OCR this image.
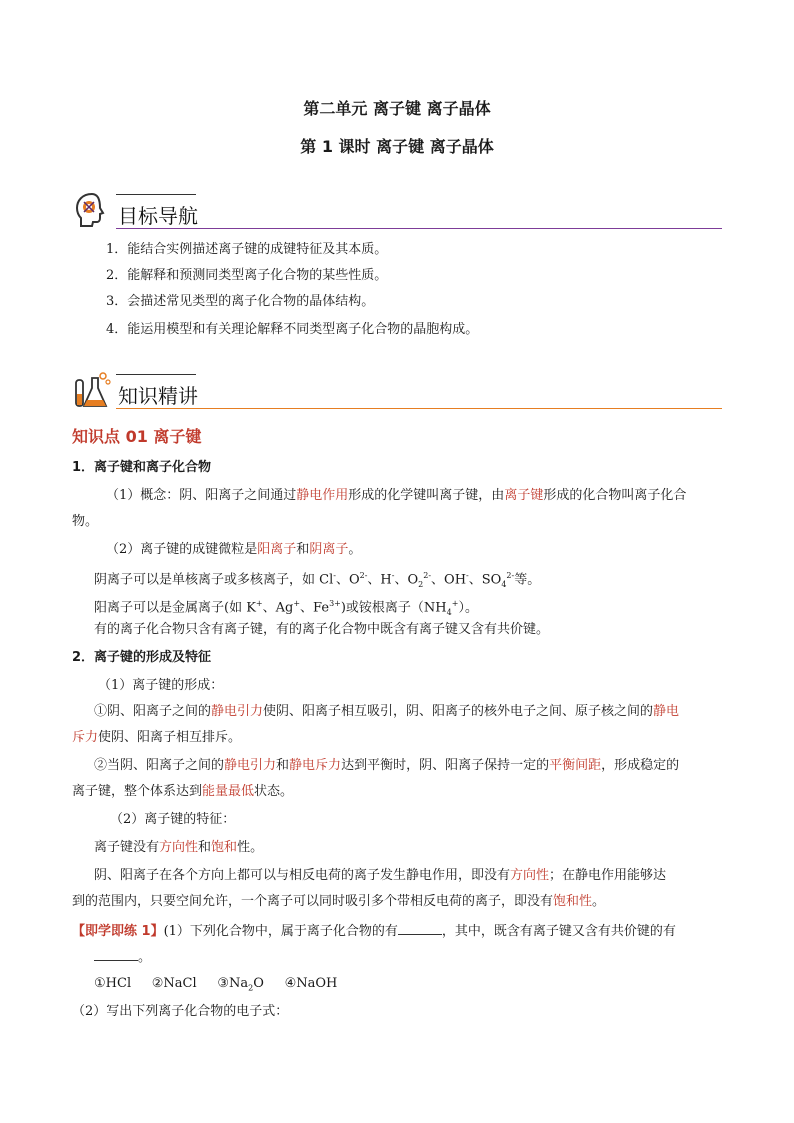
第二单元 离子键 离子晶体
第 1 课时 离子键 离子晶体
目标导航
1．能结合实例描述离子键的成键特征及其本质。
2．能解释和预测同类型离子化合物的某些性质。
3．会描述常见类型的离子化合物的晶体结构。
4．能运用模型和有关理论解释不同类型离子化合物的晶胞构成。
知识精讲
知识点 01 离子键
1．离子键和离子化合物
（1）概念：阴、阳离子之间通过静电作用形成的化学键叫离子键，由离子键形成的化合物叫离子化合
物。
（2）离子键的成键微粒是阳离子和阴离子。
阴离子可以是单核离子或多核离子，如 Cl-、$O^{2-}$、H-、$O_2^{2-}$、OH-、$SO_4^{2-}$等。
阳离子可以是金属离子(如 K+、Ag+、$Fe^{3+}$)或铵根离子$(NH_4^+)$。
有的离子化合物只含有离子键，有的离子化合物中既含有离子键又含有共价键。
2．离子键的形成及特征
（1）离子键的形成：
①阴、阳离子之间的静电引力使阴、阳离子相互吸引，阴、阳离子的核外电子之间、原子核之间的静电
斥力使阴、阳离子相互排斥。
②当阴、阳离子之间的静电引力和静电斥力达到平衡时，阴、阳离子保持一定的平衡间距，形成稳定的
离子键，整个体系达到能量最低状态。
（2）离子键的特征：
离子键没有方向性和饱和性。
阴、阳离子在各个方向上都可以与相反电荷的离子发生静电作用，即没有方向性；在静电作用能够达
到的范围内，只要空间允许，一个离子可以同时吸引多个带相反电荷的离子，即没有饱和性。
【即学即练 1】(1）下列化合物中，属于离子化合物的有	，其中，既含有离子键又含有共价键的有
。
①HCl ②NaCl $③Na_2O$ ④NaOH
（2）写出下列离子化合物的电子式：
